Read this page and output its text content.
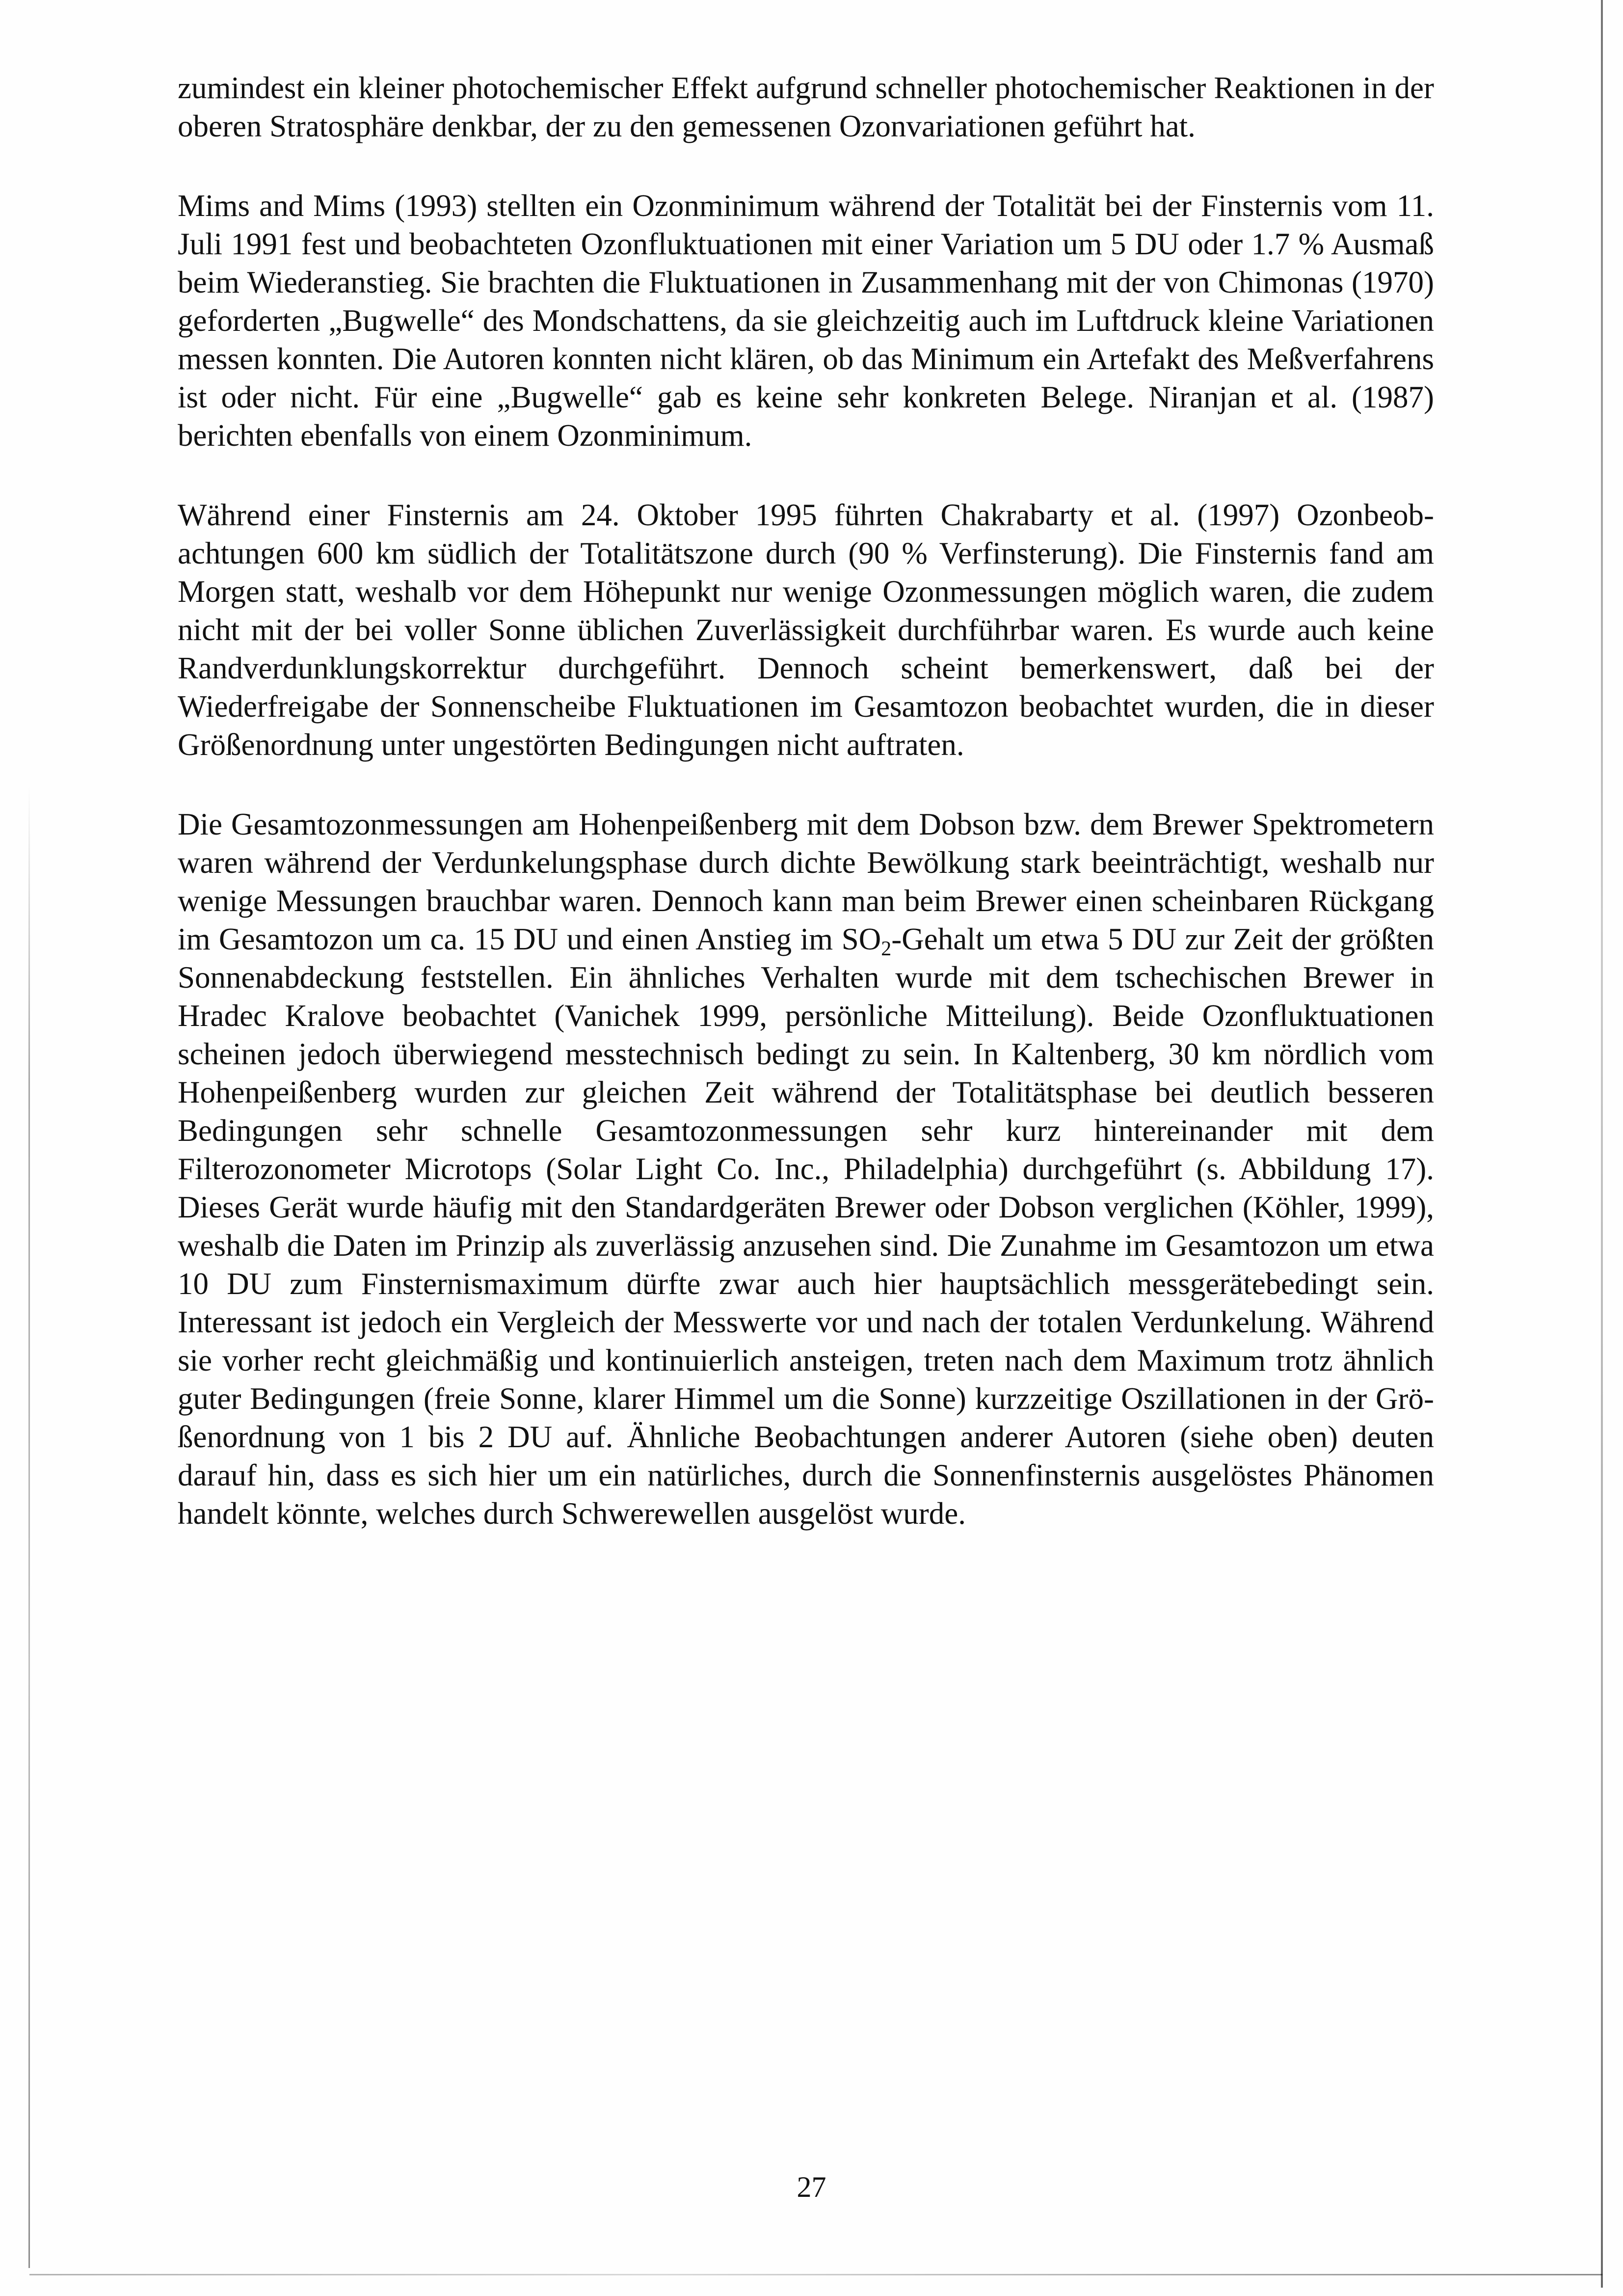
zumindest ein kleiner photochemischer Effekt aufgrund schneller photochemischer Reaktionen in der oberen Stratosphäre denkbar, der zu den gemessenen Ozonvariationen geführt hat.

Mims and Mims (1993) stellten ein Ozonminimum während der Totalität bei der Finsternis vom 11. Juli 1991 fest und beobachteten Ozonfluktuationen mit einer Variation um 5 DU oder 1.7 % Ausmaß beim Wiederanstieg. Sie brachten die Fluktuationen in Zusammenhang mit der von Chimonas (1970) geforderten „Bugwelle“ des Mondschattens, da sie gleichzeitig auch im Luftdruck kleine Variationen messen konnten. Die Autoren konnten nicht klären, ob das Minimum ein Artefakt des Meßverfahrens ist oder nicht. Für eine „Bugwelle“ gab es keine sehr konkreten Belege. Niranjan et al. (1987) berichten ebenfalls von einem Ozonminimum.

Während einer Finsternis am 24. Oktober 1995 führten Chakrabarty et al. (1997) Ozonbeobachtungen 600 km südlich der Totalitätszone durch (90 % Verfinsterung). Die Finsternis fand am Morgen statt, weshalb vor dem Höhepunkt nur wenige Ozonmessungen möglich waren, die zudem nicht mit der bei voller Sonne üblichen Zuverlässigkeit durchführbar waren. Es wurde auch keine Randverdunklungskorrektur durchgeführt. Dennoch scheint bemerkenswert, daß bei der Wiederfreigabe der Sonnenscheibe Fluktuationen im Gesamtozon beobachtet wurden, die in dieser Größenordnung unter ungestörten Bedingungen nicht auftraten.

Die Gesamtozonmessungen am Hohenpeißenberg mit dem Dobson bzw. dem Brewer Spektrometern waren während der Verdunkelungsphase durch dichte Bewölkung stark beeinträchtigt, weshalb nur wenige Messungen brauchbar waren. Dennoch kann man beim Brewer einen scheinbaren Rückgang im Gesamtozon um ca. 15 DU und einen Anstieg im $SO_2$-Gehalt um etwa 5 DU zur Zeit der größten Sonnenabdeckung feststellen. Ein ähnliches Verhalten wurde mit dem tschechischen Brewer in Hradec Kralove beobachtet (Vanichek 1999, persönliche Mitteilung). Beide Ozonfluktuationen scheinen jedoch überwiegend messtechnisch bedingt zu sein. In Kaltenberg, 30 km nördlich vom Hohenpeißenberg wurden zur gleichen Zeit während der Totalitätsphase bei deutlich besseren Bedingungen sehr schnelle Gesamtozonmessungen sehr kurz hintereinander mit dem Filterozonometer Microtops (Solar Light Co. Inc., Philadelphia) durchgeführt (s. Abbildung 17). Dieses Gerät wurde häufig mit den Standardgeräten Brewer oder Dobson verglichen (Köhler, 1999), weshalb die Daten im Prinzip als zuverlässig anzusehen sind. Die Zunahme im Gesamtozon um etwa 10 DU zum Finsternismaximum dürfte zwar auch hier hauptsächlich messgerätebedingt sein. Interessant ist jedoch ein Vergleich der Messwerte vor und nach der totalen Verdunkelung. Während sie vorher recht gleichmäßig und kontinuierlich ansteigen, treten nach dem Maximum trotz ähnlich guter Bedingungen (freie Sonne, klarer Himmel um die Sonne) kurzzeitige Oszillationen in der Größenordnung von 1 bis 2 DU auf. Ähnliche Beobachtungen anderer Autoren (siehe oben) deuten darauf hin, dass es sich hier um ein natürliches, durch die Sonnenfinsternis ausgelöstes Phänomen handelt könnte, welches durch Schwerewellen ausgelöst wurde.

27
